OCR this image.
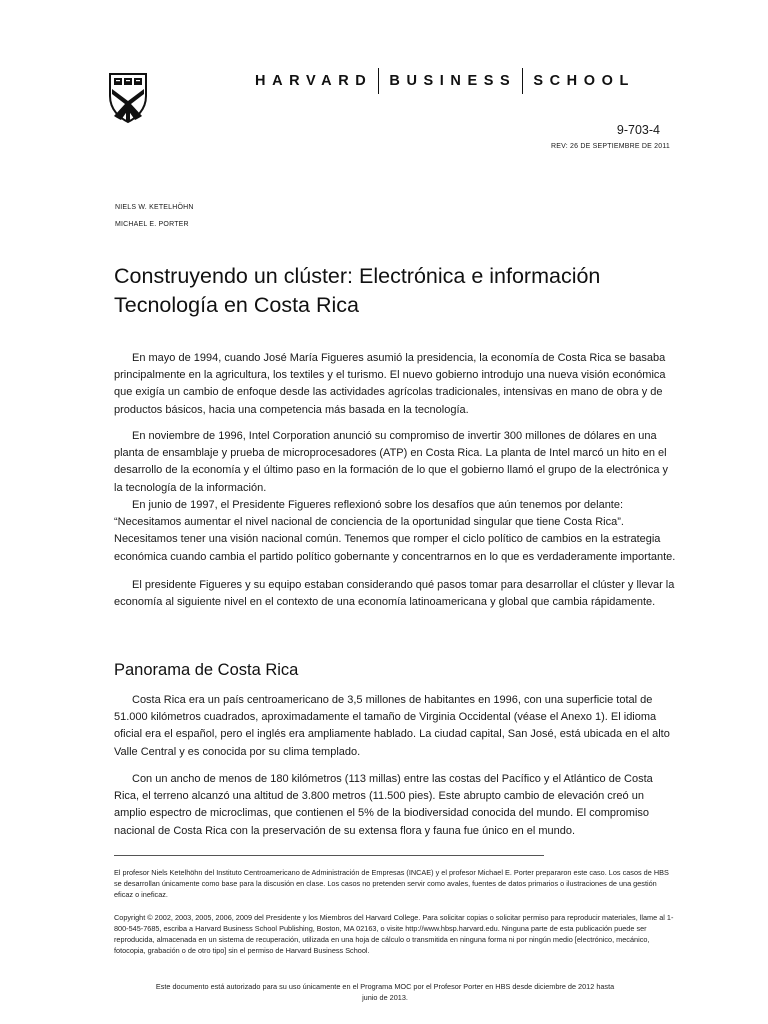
HARVARD BUSINESS SCHOOL
9-703-4
REV: 26 DE SEPTIEMBRE DE 2011
NIELS W. KETELHÖHN
MICHAEL E. PORTER
Construyendo un clúster: Electrónica e información
Tecnología en Costa Rica

En mayo de 1994, cuando José María Figueres asumió la presidencia, la economía de Costa Rica se basaba principalmente en la agricultura, los textiles y el turismo. El nuevo gobierno introdujo una nueva visión económica que exigía un cambio de enfoque desde las actividades agrícolas tradicionales, intensivas en mano de obra y de productos básicos, hacia una competencia más basada en la tecnología.

En noviembre de 1996, Intel Corporation anunció su compromiso de invertir 300 millones de dólares en una planta de ensamblaje y prueba de microprocesadores (ATP) en Costa Rica. La planta de Intel marcó un hito en el desarrollo de la economía y el último paso en la formación de lo que el gobierno llamó el grupo de la electrónica y la tecnología de la información.

En junio de 1997, el Presidente Figueres reflexionó sobre los desafíos que aún tenemos por delante: “Necesitamos aumentar el nivel nacional de conciencia de la oportunidad singular que tiene Costa Rica”. Necesitamos tener una visión nacional común. Tenemos que romper el ciclo político de cambios en la estrategia económica cuando cambia el partido político gobernante y concentrarnos en lo que es verdaderamente importante.

El presidente Figueres y su equipo estaban considerando qué pasos tomar para desarrollar el clúster y llevar la economía al siguiente nivel en el contexto de una economía latinoamericana y global que cambia rápidamente.

Panorama de Costa Rica

Costa Rica era un país centroamericano de 3,5 millones de habitantes en 1996, con una superficie total de 51.000 kilómetros cuadrados, aproximadamente el tamaño de Virginia Occidental (véase el Anexo 1). El idioma oficial era el español, pero el inglés era ampliamente hablado. La ciudad capital, San José, está ubicada en el alto Valle Central y es conocida por su clima templado.

Con un ancho de menos de 180 kilómetros (113 millas) entre las costas del Pacífico y el Atlántico de Costa Rica, el terreno alcanzó una altitud de 3.800 metros (11.500 pies). Este abrupto cambio de elevación creó un amplio espectro de microclimas, que contienen el 5% de la biodiversidad conocida del mundo. El compromiso nacional de Costa Rica con la preservación de su extensa flora y fauna fue único en el mundo.

El profesor Niels Ketelhöhn del Instituto Centroamericano de Administración de Empresas (INCAE) y el profesor Michael E. Porter prepararon este caso. Los casos de HBS se desarrollan únicamente como base para la discusión en clase. Los casos no pretenden servir como avales, fuentes de datos primarios o ilustraciones de una gestión eficaz o ineficaz.

Copyright © 2002, 2003, 2005, 2006, 2009 del Presidente y los Miembros del Harvard College. Para solicitar copias o solicitar permiso para reproducir materiales, llame al 1-800-545-7685, escriba a Harvard Business School Publishing, Boston, MA 02163, o visite http://www.hbsp.harvard.edu. Ninguna parte de esta publicación puede ser reproducida, almacenada en un sistema de recuperación, utilizada en una hoja de cálculo o transmitida en ninguna forma ni por ningún medio [electrónico, mecánico, fotocopia, grabación o de otro tipo] sin el permiso de Harvard Business School.

Este documento está autorizado para su uso únicamente en el Programa MOC por el Profesor Porter en HBS desde diciembre de 2012 hasta
junio de 2013.
